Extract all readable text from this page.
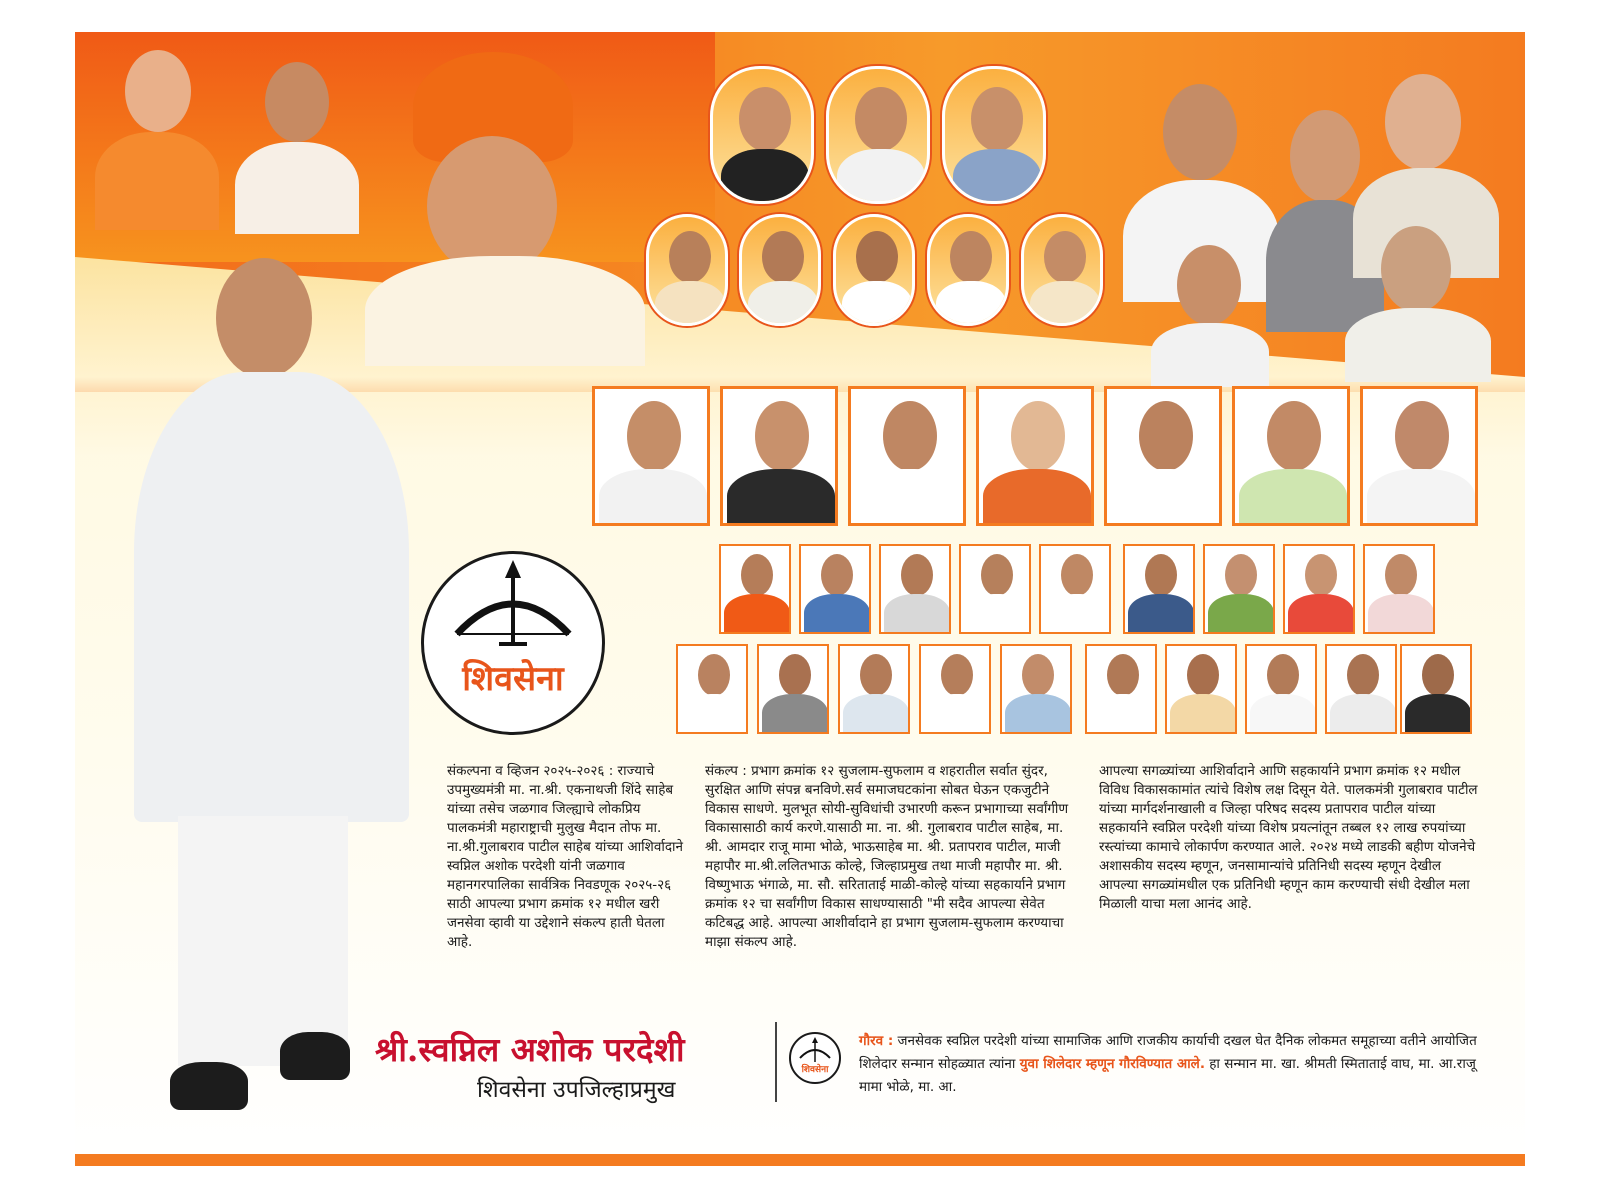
शिवसेना
संकल्पना व व्हिजन २०२५-२०२६ : राज्याचे उपमुख्यमंत्री मा. ना.श्री. एकनाथजी शिंदे साहेब यांच्या तसेच जळगाव जिल्ह्याचे लोकप्रिय पालकमंत्री महाराष्ट्राची मुलुख मैदान तोफ मा. ना.श्री.गुलाबराव पाटील साहेब यांच्या आशिर्वादाने स्वप्निल अशोक परदेशी यांनी जळगाव महानगरपालिका सार्वत्रिक निवडणूक २०२५-२६ साठी आपल्या प्रभाग क्रमांक १२ मधील खरी जनसेवा व्हावी या उद्देशाने संकल्प हाती घेतला आहे.
संकल्प : प्रभाग क्रमांक १२ सुजलाम-सुफलाम व शहरातील सर्वात सुंदर, सुरक्षित आणि संपन्न बनविणे.सर्व समाजघटकांना सोबत घेऊन एकजुटीने विकास साधणे. मुलभूत सोयी-सुविधांची उभारणी करून प्रभागाच्या सर्वांगीण विकासासाठी कार्य करणे.यासाठी मा. ना. श्री. गुलाबराव पाटील साहेब, मा. श्री. आमदार राजू मामा भोळे, भाऊसाहेब मा. श्री. प्रतापराव पाटील, माजी महापौर मा.श्री.ललितभाऊ कोल्हे, जिल्हाप्रमुख तथा माजी महापौर मा. श्री. विष्णुभाऊ भंगाळे, मा. सौ. सरिताताई माळी-कोल्हे यांच्या सहकार्याने प्रभाग क्रमांक १२ चा सर्वांगीण विकास साधण्यासाठी "मी सदैव आपल्या सेवेत कटिबद्ध आहे. आपल्या आशीर्वादाने हा प्रभाग सुजलाम-सुफलाम करण्याचा माझा संकल्प आहे.
आपल्या सगळ्यांच्या आशिर्वादाने आणि सहकार्याने प्रभाग क्रमांक १२ मधील विविध विकासकामांत त्यांचे विशेष लक्ष दिसून येते. पालकमंत्री गुलाबराव पाटील यांच्या मार्गदर्शनाखाली व जिल्हा परिषद सदस्य प्रतापराव पाटील यांच्या सहकार्याने स्वप्निल परदेशी यांच्या विशेष प्रयत्नांतून तब्बल १२ लाख रुपयांच्या रस्त्यांच्या कामाचे लोकार्पण करण्यात आले. २०२४ मध्ये लाडकी बहीण योजनेचे अशासकीय सदस्य म्हणून, जनसामान्यांचे प्रतिनिधी सदस्य म्हणून देखील आपल्या सगळ्यांमधील एक प्रतिनिधी म्हणून काम करण्याची संधी देखील मला मिळाली याचा मला आनंद आहे.
श्री.स्वप्निल अशोक परदेशी
शिवसेना उपजिल्हाप्रमुख
शिवसेना
गौरव : जनसेवक स्वप्निल परदेशी यांच्या सामाजिक आणि राजकीय कार्याची दखल घेत दैनिक लोकमत समूहाच्या वतीने आयोजित शिलेदार सन्मान सोहळ्यात त्यांना युवा शिलेदार म्हणून गौरविण्यात आले. हा सन्मान मा. खा. श्रीमती स्मिताताई वाघ, मा. आ.राजू मामा भोळे, मा. आ.
